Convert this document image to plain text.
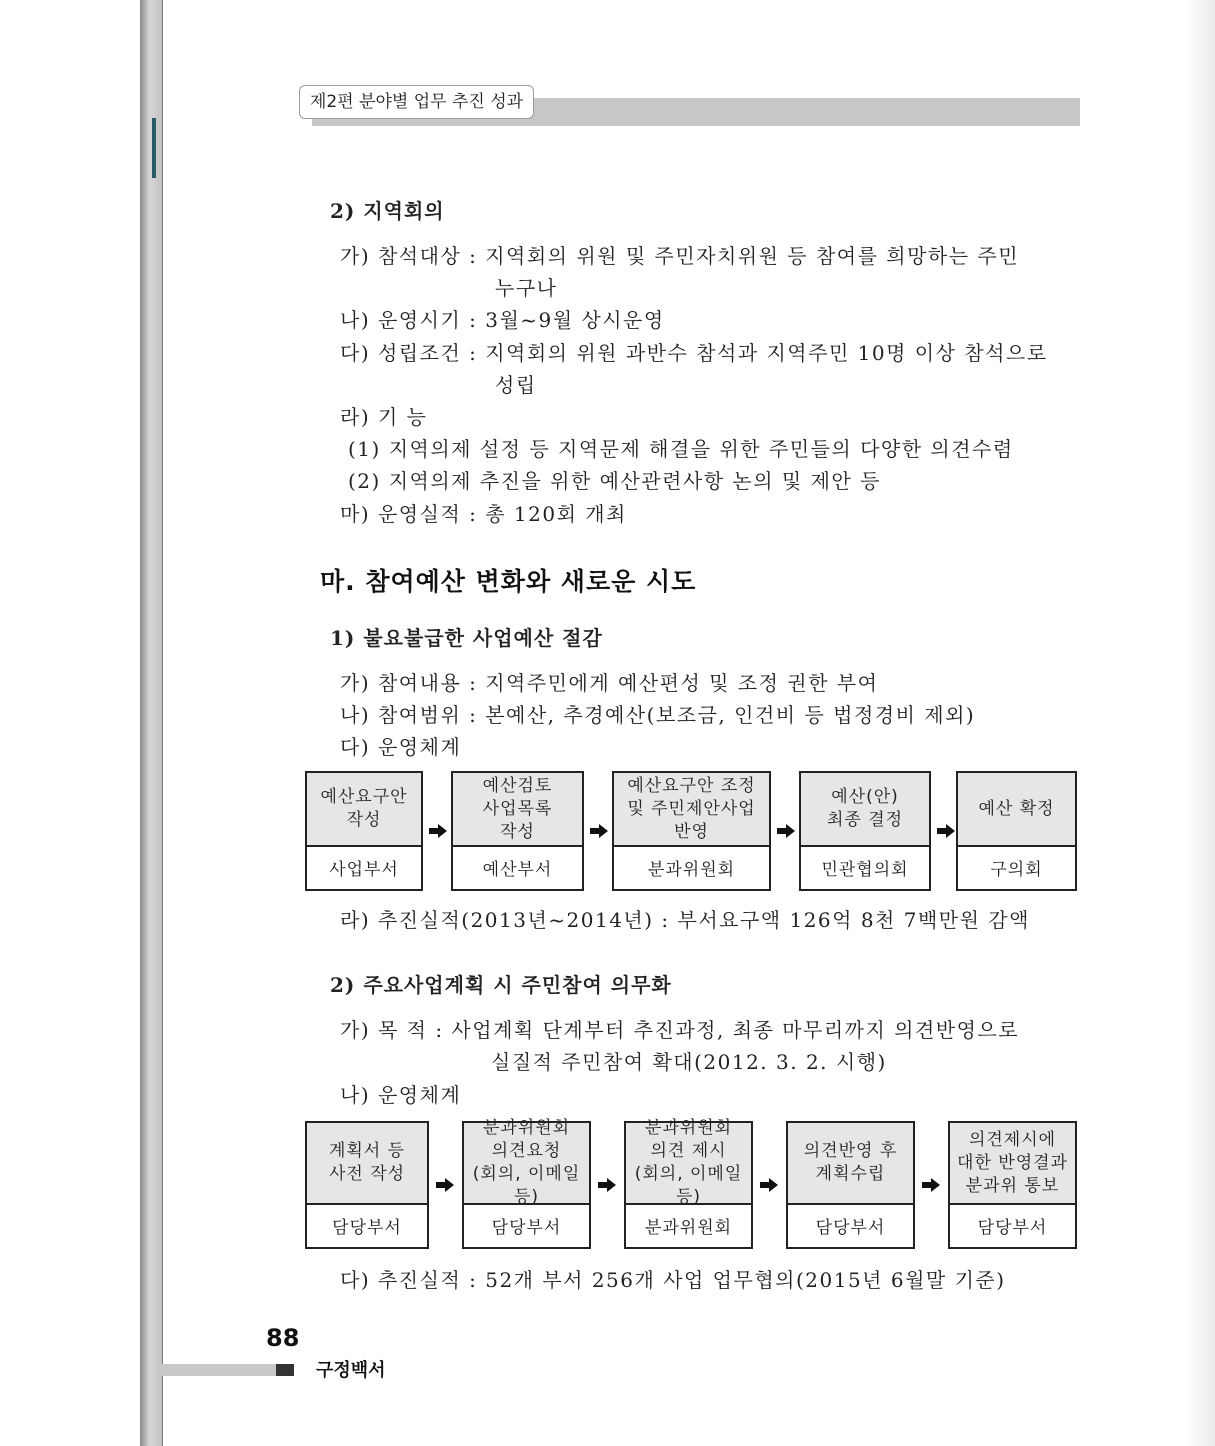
제2편 분야별 업무 추진 성과
2) 지역회의
가) 참석대상 : 지역회의 위원 및 주민자치위원 등 참여를 희망하는 주민
누구나
나) 운영시기 : 3월~9월 상시운영
다) 성립조건 : 지역회의 위원 과반수 참석과 지역주민 10명 이상 참석으로
성립
라) 기 능
(1) 지역의제 설정 등 지역문제 해결을 위한 주민들의 다양한 의견수렴
(2) 지역의제 추진을 위한 예산관련사항 논의 및 제안 등
마) 운영실적 : 총 120회 개최
마. 참여예산 변화와 새로운 시도
1) 불요불급한 사업예산 절감
가) 참여내용 : 지역주민에게 예산편성 및 조정 권한 부여
나) 참여범위 : 본예산, 추경예산(보조금, 인건비 등 법정경비 제외)
다) 운영체계
예산요구안
작성
사업부서
예산검토
사업목록
작성
예산부서
예산요구안 조정
및 주민제안사업
반영
분과위원회
예산(안)
최종 결정
민관협의회
예산 확정
구의회
라) 추진실적(2013년~2014년) : 부서요구액 126억 8천 7백만원 감액
2) 주요사업계획 시 주민참여 의무화
가) 목 적 : 사업계획 단계부터 추진과정, 최종 마무리까지 의견반영으로
실질적 주민참여 확대(2012. 3. 2. 시행)
나) 운영체계
계획서 등
사전 작성
담당부서
분과위원회
의견요청
(회의, 이메일 등)
담당부서
분과위원회
의견 제시
(회의, 이메일 등)
분과위원회
의견반영 후
계획수립
담당부서
의견제시에
대한 반영결과
분과위 통보
담당부서
다) 추진실적 : 52개 부서 256개 사업 업무협의(2015년 6월말 기준)
88
구정백서
